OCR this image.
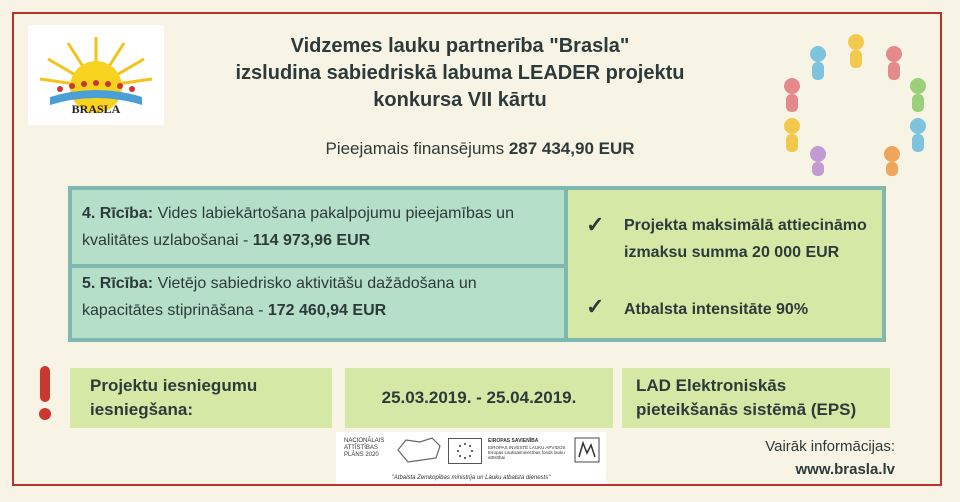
BRASLA
Vidzemes lauku partnerība "Brasla"
izsludina sabiedriskā labuma LEADER projektu
konkursa VII kārtu
Pieejamais finansējums 287 434,90 EUR
4. Rīcība: Vides labiekārtošana pakalpojumu pieejamības un kvalitātes uzlabošanai - 114 973,96 EUR
5. Rīcība: Vietējo sabiedrisko aktivitāšu dažādošana un kapacitātes stiprināšana - 172 460,94 EUR
✓ Projekta maksimālā attiecināmo izmaksu summa 20 000 EUR
✓ Atbalsta intensitāte 90%
Projektu iesniegumu iesniegšana:
25.03.2019. - 25.04.2019.
LAD Elektroniskās pieteikšanās sistēmā (EPS)
NACIONĀLAIS ATTĪSTĪBAS PLĀNS 2020
EIROPAS SAVIENĪBA
EIROPAS INVESTĒ LAUKU APVIDOS Eiropas Lauksaimniecības fonds lauku attīstībai
"Atbalsta Zemkopības ministrija un Lauku atbalsta dienests"
Vairāk informācijas:
www.brasla.lv
